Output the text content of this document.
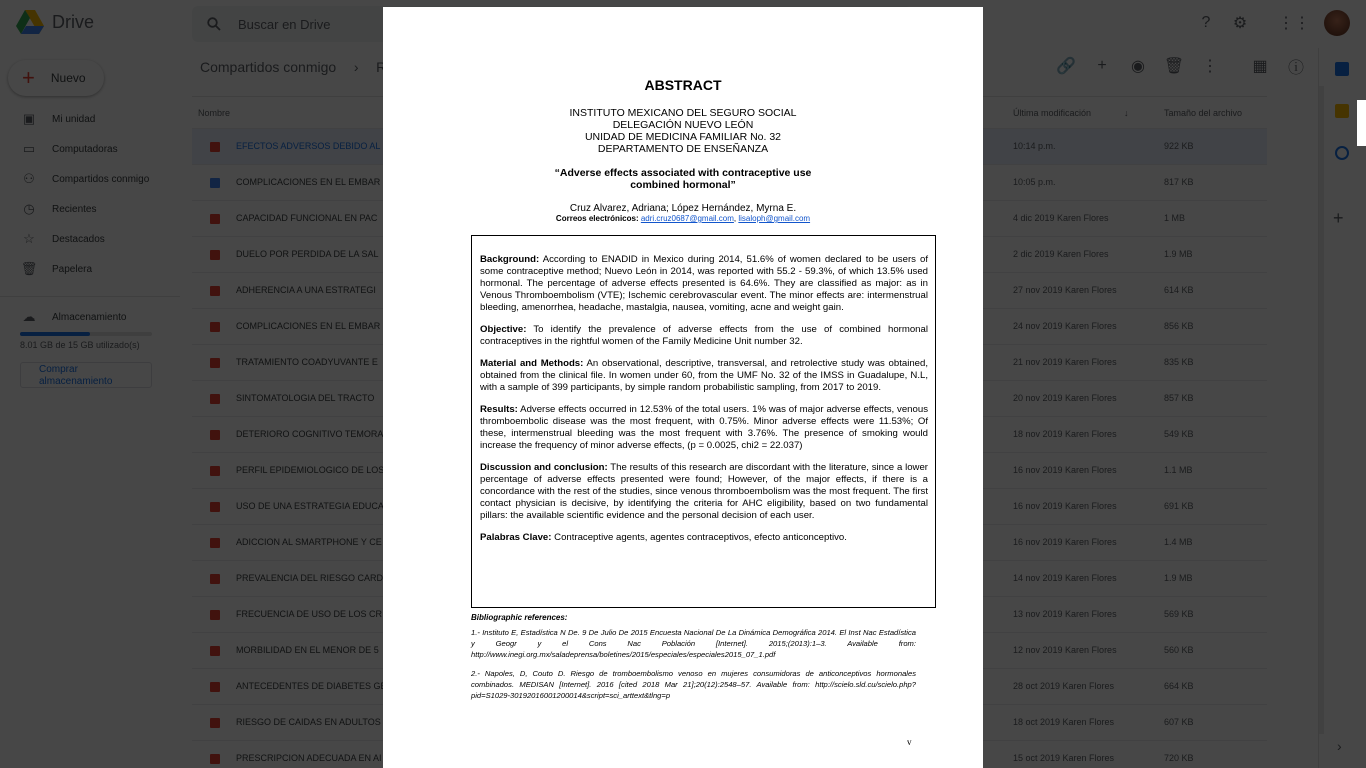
ABSTRACT
INSTITUTO MEXICANO DEL SEGURO SOCIAL
DELEGACIÓN NUEVO LEÓN
UNIDAD DE MEDICINA FAMILIAR No. 32
DEPARTAMENTO DE ENSEÑANZA
“Adverse effects associated with contraceptive use
combined hormonal”
Cruz Alvarez, Adriana; López Hernández, Myrna E.
Correos electrónicos: adri.cruz0687@gmail.com, lisaloph@gmail.com

Background: According to ENADID in Mexico during 2014, 51.6% of women declared to be users of some contraceptive method; Nuevo León in 2014, was reported with 55.2 - 59.3%, of which 13.5% used hormonal. The percentage of adverse effects presented is 64.6%. They are classified as major: as in Venous Thromboembolism (VTE); Ischemic cerebrovascular event. The minor effects are: intermenstrual bleeding, amenorrhea, headache, mastalgia, nausea, vomiting, acne and weight gain.

Objective: To identify the prevalence of adverse effects from the use of combined hormonal contraceptives in the rightful women of the Family Medicine Unit number 32.

Material and Methods: An observational, descriptive, transversal, and retrolective study was obtained, obtained from the clinical file. In women under 60, from the UMF No. 32 of the IMSS in Guadalupe, N.L, with a sample of 399 participants, by simple random probabilistic sampling, from 2017 to 2019.

Results: Adverse effects occurred in 12.53% of the total users. 1% was of major adverse effects, venous thromboembolic disease was the most frequent, with 0.75%. Minor adverse effects were 11.53%; Of these, intermenstrual bleeding was the most frequent with 3.76%. The presence of smoking would increase the frequency of minor adverse effects, (p = 0.0025, chi2 = 22.037)

Discussion and conclusion: The results of this research are discordant with the literature, since a lower percentage of adverse effects presented were found; However, of the major effects, if there is a concordance with the rest of the studies, since venous thromboembolism was the most frequent. The first contact physician is decisive, by identifying the criteria for AHC eligibility, based on two fundamental pillars: the available scientific evidence and the personal decision of each user.

Palabras Clave: Contraceptive agents, agentes contraceptivos, efecto anticonceptivo.

Bibliographic references:

1.- Instituto E, Estadística N De. 9 De Julio De 2015 Encuesta Nacional De La Dinámica Demográfica 2014. El Inst Nac Estadística y Geogr y el Cons Nac Población [Internet]. 2015;(2013):1–3. Available from: http://www.inegi.org.mx/saladeprensa/boletines/2015/especiales/especiales2015_07_1.pdf

2.- Napoles, D, Couto D. Riesgo de tromboembolismo venoso en mujeres consumidoras de anticonceptivos hormonales combinados. MEDISAN [Internet]. 2016 [cited 2018 Mar 21];20(12):2548–57. Available from: http://scielo.sld.cu/scielo.php?pid=S1029-30192016001200014&script=sci_arttext&tlng=p

v
